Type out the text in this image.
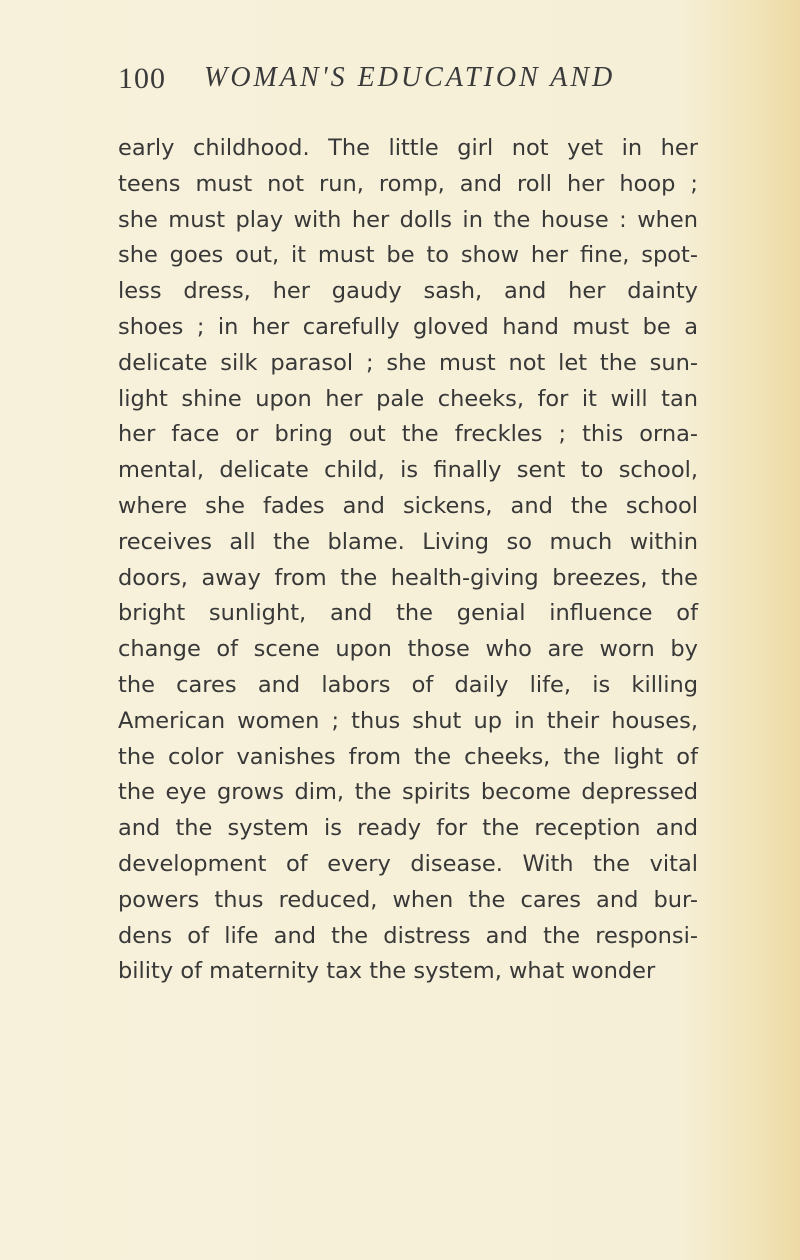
100 WOMAN'S EDUCATION AND
early childhood. The little girl not yet in her
teens must not run, romp, and roll her hoop ;
she must play with her dolls in the house : when
she goes out, it must be to show her fine, spot-
less dress, her gaudy sash, and her dainty
shoes ; in her carefully gloved hand must be a
delicate silk parasol ; she must not let the sun-
light shine upon her pale cheeks, for it will tan
her face or bring out the freckles ; this orna-
mental, delicate child, is finally sent to school,
where she fades and sickens, and the school
receives all the blame. Living so much within
doors, away from the health-giving breezes, the
bright sunlight, and the genial influence of
change of scene upon those who are worn by
the cares and labors of daily life, is killing
American women ; thus shut up in their houses,
the color vanishes from the cheeks, the light of
the eye grows dim, the spirits become depressed
and the system is ready for the reception and
development of every disease. With the vital
powers thus reduced, when the cares and bur-
dens of life and the distress and the responsi-
bility of maternity tax the system, what wonder
